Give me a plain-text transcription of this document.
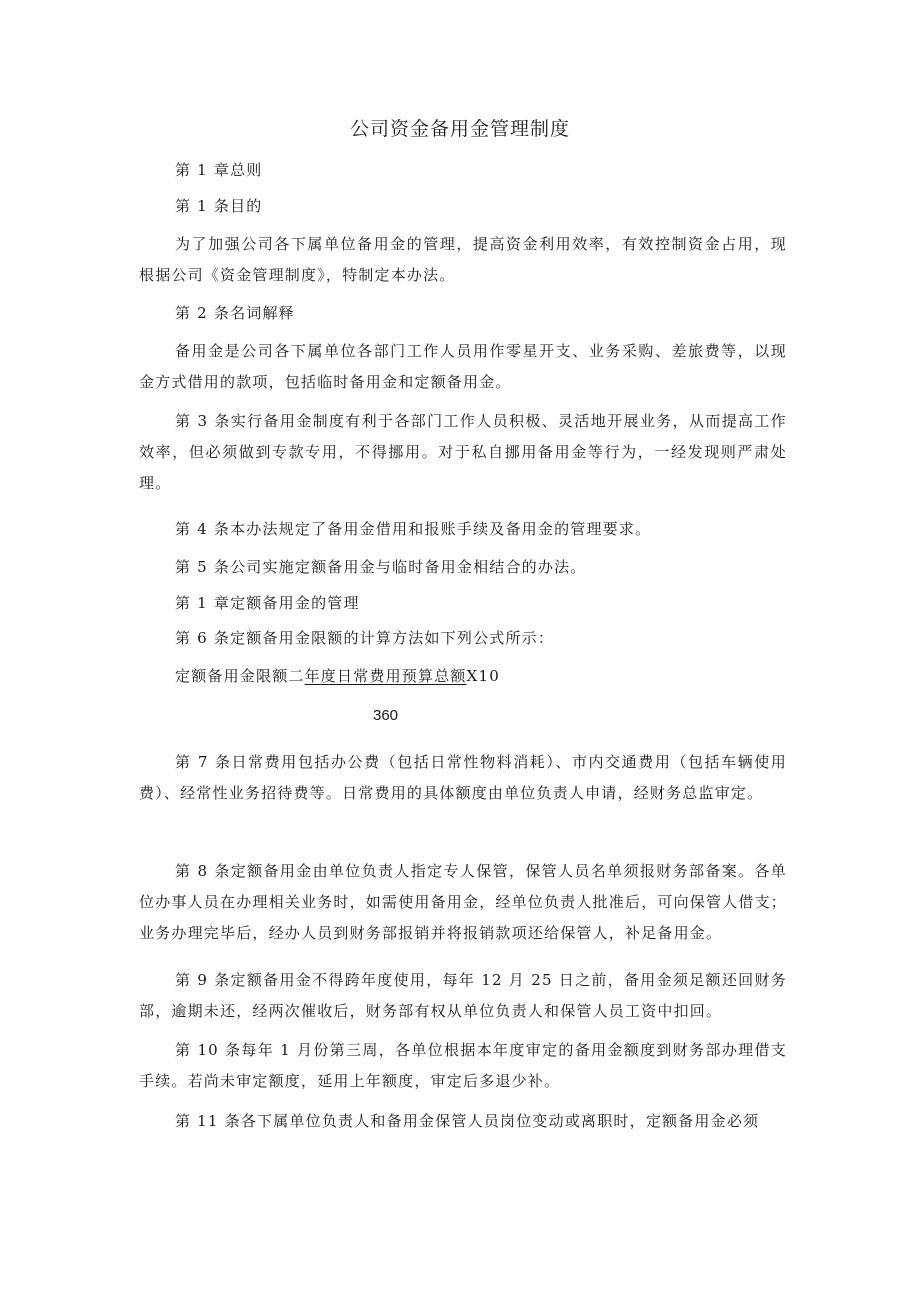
公司资金备用金管理制度

第 1 章总则

第 1 条目的

为了加强公司各下属单位备用金的管理，提高资金利用效率，有效控制资金占用，现根据公司《资金管理制度》，特制定本办法。

第 2 条名词解释

备用金是公司各下属单位各部门工作人员用作零星开支、业务采购、差旅费等，以现金方式借用的款项，包括临时备用金和定额备用金。

第 3 条实行备用金制度有利于各部门工作人员积极、灵活地开展业务，从而提高工作效率，但必须做到专款专用，不得挪用。对于私自挪用备用金等行为，一经发现则严肃处理。

第 4 条本办法规定了备用金借用和报账手续及备用金的管理要求。

第 5 条公司实施定额备用金与临时备用金相结合的办法。

第 1 章定额备用金的管理

第 6 条定额备用金限额的计算方法如下列公式所示：

定额备用金限额二年度日常费用预算总额X10
360

第 7 条日常费用包括办公费（包括日常性物料消耗）、市内交通费用（包括车辆使用费）、经常性业务招待费等。日常费用的具体额度由单位负责人申请，经财务总监审定。

第 8 条定额备用金由单位负责人指定专人保管，保管人员名单须报财务部备案。各单位办事人员在办理相关业务时，如需使用备用金，经单位负责人批准后，可向保管人借支；业务办理完毕后，经办人员到财务部报销并将报销款项还给保管人，补足备用金。

第 9 条定额备用金不得跨年度使用，每年 12 月 25 日之前，备用金须足额还回财务部，逾期未还，经两次催收后，财务部有权从单位负责人和保管人员工资中扣回。

第 10 条每年 1 月份第三周，各单位根据本年度审定的备用金额度到财务部办理借支手续。若尚未审定额度，延用上年额度，审定后多退少补。

第 11 条各下属单位负责人和备用金保管人员岗位变动或离职时，定额备用金必须
